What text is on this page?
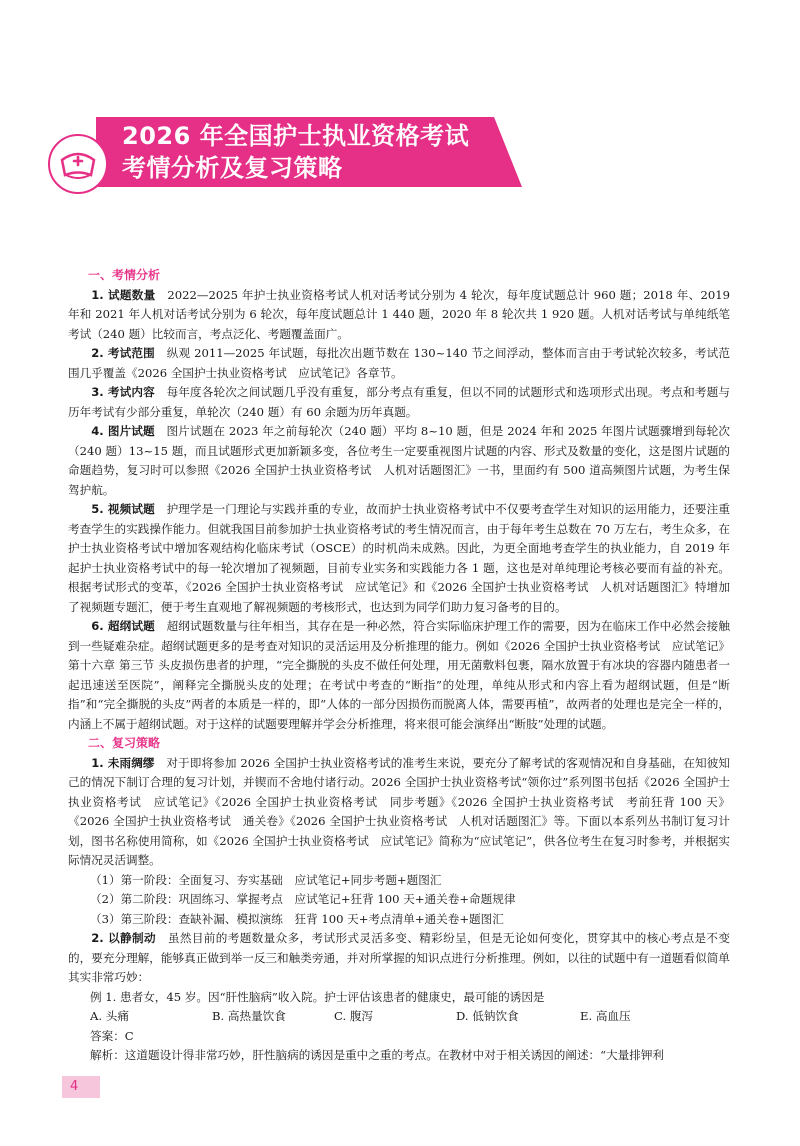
2026 年全国护士执业资格考试
考情分析及复习策略

一、考情分析

1. 试题数量　 2022—2025 年护士执业资格考试人机对话考试分别为 4 轮次，每年度试题总计 960 题；2018 年、2019 年和 2021 年人机对话考试分别为 6 轮次，每年度试题总计 1 440 题，2020 年 8 轮次共 1 920 题。人机对话考试与单纯纸笔考试（240 题）比较而言，考点泛化、考题覆盖面广。

2. 考试范围　 纵观 2011—2025 年试题，每批次出题节数在 130~140 节之间浮动，整体而言由于考试轮次较多，考试范围几乎覆盖《2026 全国护士执业资格考试　应试笔记》各章节。

3. 考试内容　 每年度各轮次之间试题几乎没有重复，部分考点有重复，但以不同的试题形式和选项形式出现。考点和考题与历年考试有少部分重复，单轮次（240 题）有 60 余题为历年真题。

4. 图片试题　 图片试题在 2023 年之前每轮次（240 题）平均 8~10 题，但是 2024 年和 2025 年图片试题骤增到每轮次（240 题）13~15 题，而且试题形式更加新颖多变，各位考生一定要重视图片试题的内容、形式及数量的变化，这是图片试题的命题趋势，复习时可以参照《2026 全国护士执业资格考试　人机对话题图汇》一书，里面约有 500 道高频图片试题，为考生保驾护航。

5. 视频试题　 护理学是一门理论与实践并重的专业，故而护士执业资格考试中不仅要考查学生对知识的运用能力，还要注重考查学生的实践操作能力。但就我国目前参加护士执业资格考试的考生情况而言，由于每年考生总数在 70 万左右，考生众多，在护士执业资格考试中增加客观结构化临床考试（OSCE）的时机尚未成熟。因此，为更全面地考查学生的执业能力，自 2019 年起护士执业资格考试中的每一轮次增加了视频题，目前专业实务和实践能力各 1 题，这也是对单纯理论考核必要而有益的补充。根据考试形式的变革，《2026 全国护士执业资格考试　应试笔记》和《2026 全国护士执业资格考试　人机对话题图汇》特增加了视频题专题汇，便于考生直观地了解视频题的考核形式，也达到为同学们助力复习备考的目的。

6. 超纲试题　 超纲试题数量与往年相当，其存在是一种必然，符合实际临床护理工作的需要，因为在临床工作中必然会接触到一些疑难杂症。超纲试题更多的是考查对知识的灵活运用及分析推理的能力。例如《2026 全国护士执业资格考试　应试笔记》第十六章 第三节 头皮损伤患者的护理，“完全撕脱的头皮不做任何处理，用无菌敷料包裹，隔水放置于有冰块的容器内随患者一起迅速送至医院”，阐释完全撕脱头皮的处理；在考试中考查的“断指”的处理，单纯从形式和内容上看为超纲试题，但是“断指”和“完全撕脱的头皮”两者的本质是一样的，即“人体的一部分因损伤而脱离人体，需要再植”，故两者的处理也是完全一样的，内涵上不属于超纲试题。对于这样的试题要理解并学会分析推理，将来很可能会演绎出“断肢”处理的试题。

二、复习策略

1. 未雨绸缪　 对于即将参加 2026 全国护士执业资格考试的准考生来说，要充分了解考试的客观情况和自身基础，在知彼知己的情况下制订合理的复习计划，并锲而不舍地付诸行动。2026 全国护士执业资格考试“领你过”系列图书包括《2026 全国护士执业资格考试　应试笔记》《2026 全国护士执业资格考试　同步考题》《2026 全国护士执业资格考试　考前狂背 100 天》《2026 全国护士执业资格考试　通关卷》《2026 全国护士执业资格考试　人机对话题图汇》等。下面以本系列丛书制订复习计划，图书名称使用简称，如《2026 全国护士执业资格考试　应试笔记》简称为“应试笔记”，供各位考生在复习时参考，并根据实际情况灵活调整。

（1）第一阶段：全面复习、夯实基础　应试笔记+同步考题+题图汇

（2）第二阶段：巩固练习、掌握考点　应试笔记+狂背 100 天+通关卷+命题规律

（3）第三阶段：查缺补漏、模拟演练　狂背 100 天+考点清单+通关卷+题图汇

2. 以静制动　 虽然目前的考题数量众多，考试形式灵活多变、精彩纷呈，但是无论如何变化，贯穿其中的核心考点是不变的，要充分理解，能够真正做到举一反三和触类旁通，并对所掌握的知识点进行分析推理。例如，以往的试题中有一道题看似简单其实非常巧妙：

例 1. 患者女，45 岁。因“肝性脑病”收入院。护士评估该患者的健康史，最可能的诱因是

A. 头痛	B. 高热量饮食	C. 腹泻	D. 低钠饮食	E. 高血压

答案：C

解析：这道题设计得非常巧妙，肝性脑病的诱因是重中之重的考点。在教材中对于相关诱因的阐述：“大量排钾利

4
